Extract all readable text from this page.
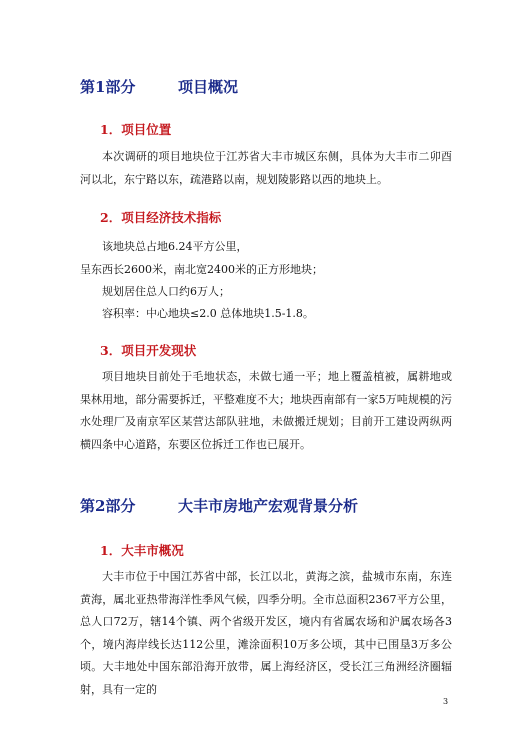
第1部分	项目概况
1．项目位置
本次调研的项目地块位于江苏省大丰市城区东侧，具体为大丰市二卯酉河以北，东宁路以东，疏港路以南，规划陵影路以西的地块上。
2．项目经济技术指标
该地块总占地6.24平方公里，
呈东西长2600米，南北宽2400米的正方形地块；
规划居住总人口约6万人；
容积率：中心地块≤2.0 总体地块1.5-1.8。
3．项目开发现状
项目地块目前处于毛地状态，未做七通一平；地上覆盖植被，属耕地或果林用地，部分需要拆迁，平整难度不大；地块西南部有一家5万吨规模的污水处理厂及南京军区某营达部队驻地，未做搬迁规划；目前开工建设两纵两横四条中心道路，东要区位拆迁工作也已展开。
第2部分	大丰市房地产宏观背景分析
1．大丰市概况
大丰市位于中国江苏省中部，长江以北，黄海之滨，盐城市东南，东连黄海，属北亚热带海洋性季风气候，四季分明。全市总面积2367平方公里，总人口72万，辖14个镇、两个省级开发区，境内有省属农场和沪属农场各3个，境内海岸线长达112公里，滩涂面积10万多公顷，其中已围垦3万多公顷。大丰地处中国东部沿海开放带，属上海经济区，受长江三角洲经济圈辐射，具有一定的
3
